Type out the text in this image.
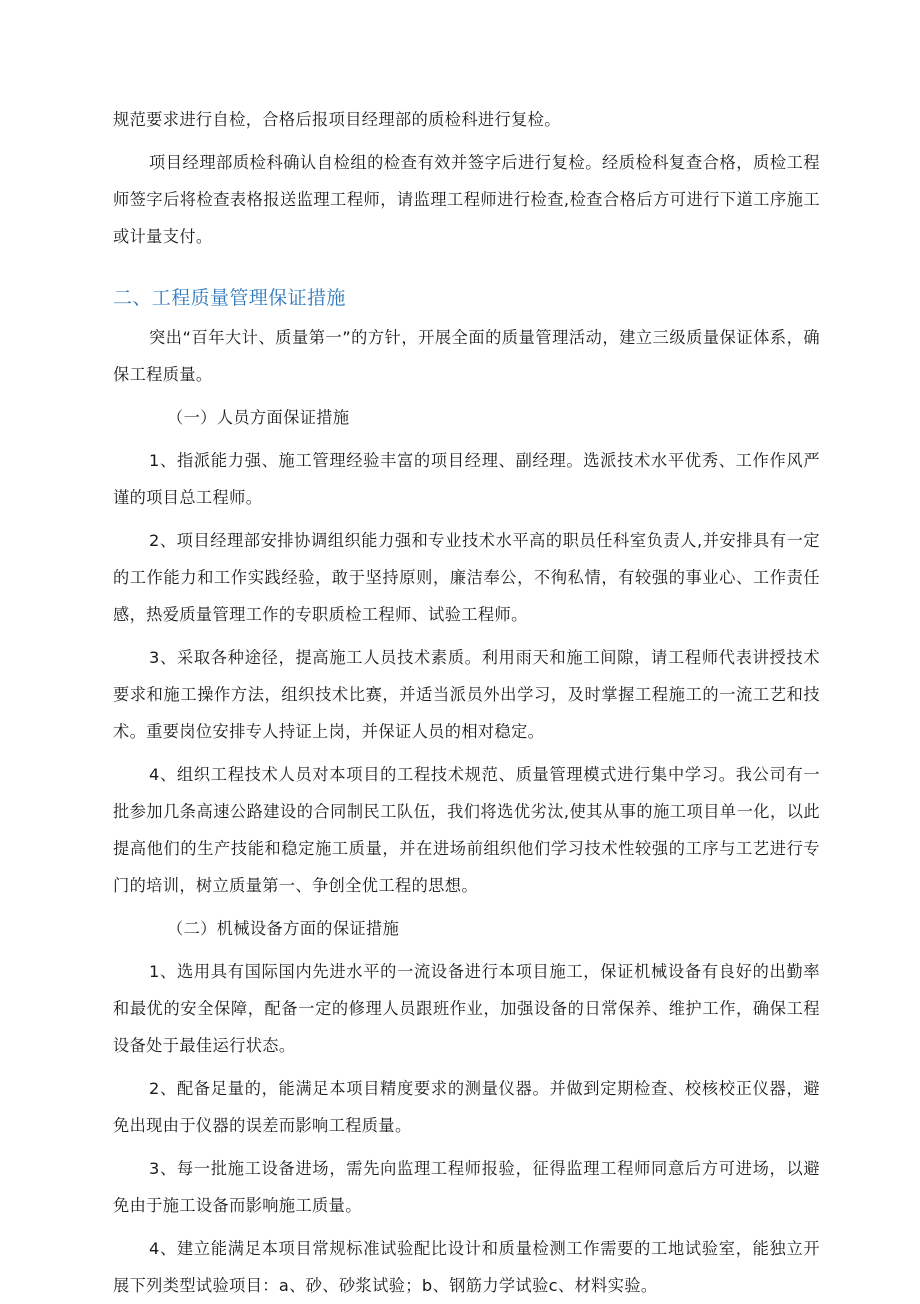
规范要求进行自检，合格后报项目经理部的质检科进行复检。

项目经理部质检科确认自检组的检查有效并签字后进行复检。经质检科复查合格，质检工程师签字后将检查表格报送监理工程师，请监理工程师进行检查,检查合格后方可进行下道工序施工或计量支付。

二、工程质量管理保证措施

突出“百年大计、质量第一”的方针，开展全面的质量管理活动，建立三级质量保证体系，确保工程质量。

（一）人员方面保证措施

1、指派能力强、施工管理经验丰富的项目经理、副经理。选派技术水平优秀、工作作风严谨的项目总工程师。

2、项目经理部安排协调组织能力强和专业技术水平高的职员任科室负责人,并安排具有一定的工作能力和工作实践经验，敢于坚持原则，廉洁奉公，不徇私情，有较强的事业心、工作责任感，热爱质量管理工作的专职质检工程师、试验工程师。

3、采取各种途径，提高施工人员技术素质。利用雨天和施工间隙，请工程师代表讲授技术要求和施工操作方法，组织技术比赛，并适当派员外出学习，及时掌握工程施工的一流工艺和技术。重要岗位安排专人持证上岗，并保证人员的相对稳定。

4、组织工程技术人员对本项目的工程技术规范、质量管理模式进行集中学习。我公司有一批参加几条高速公路建设的合同制民工队伍，我们将选优劣汰,使其从事的施工项目单一化，以此提高他们的生产技能和稳定施工质量，并在进场前组织他们学习技术性较强的工序与工艺进行专门的培训，树立质量第一、争创全优工程的思想。

（二）机械设备方面的保证措施

1、选用具有国际国内先进水平的一流设备进行本项目施工，保证机械设备有良好的出勤率和最优的安全保障，配备一定的修理人员跟班作业，加强设备的日常保养、维护工作，确保工程设备处于最佳运行状态。

2、配备足量的，能满足本项目精度要求的测量仪器。并做到定期检查、校核校正仪器，避免出现由于仪器的误差而影响工程质量。

3、每一批施工设备进场，需先向监理工程师报验，征得监理工程师同意后方可进场，以避免由于施工设备而影响施工质量。

4、建立能满足本项目常规标准试验配比设计和质量检测工作需要的工地试验室，能独立开展下列类型试验项目：a、砂、砂浆试验；b、钢筋力学试验c、材料实验。
